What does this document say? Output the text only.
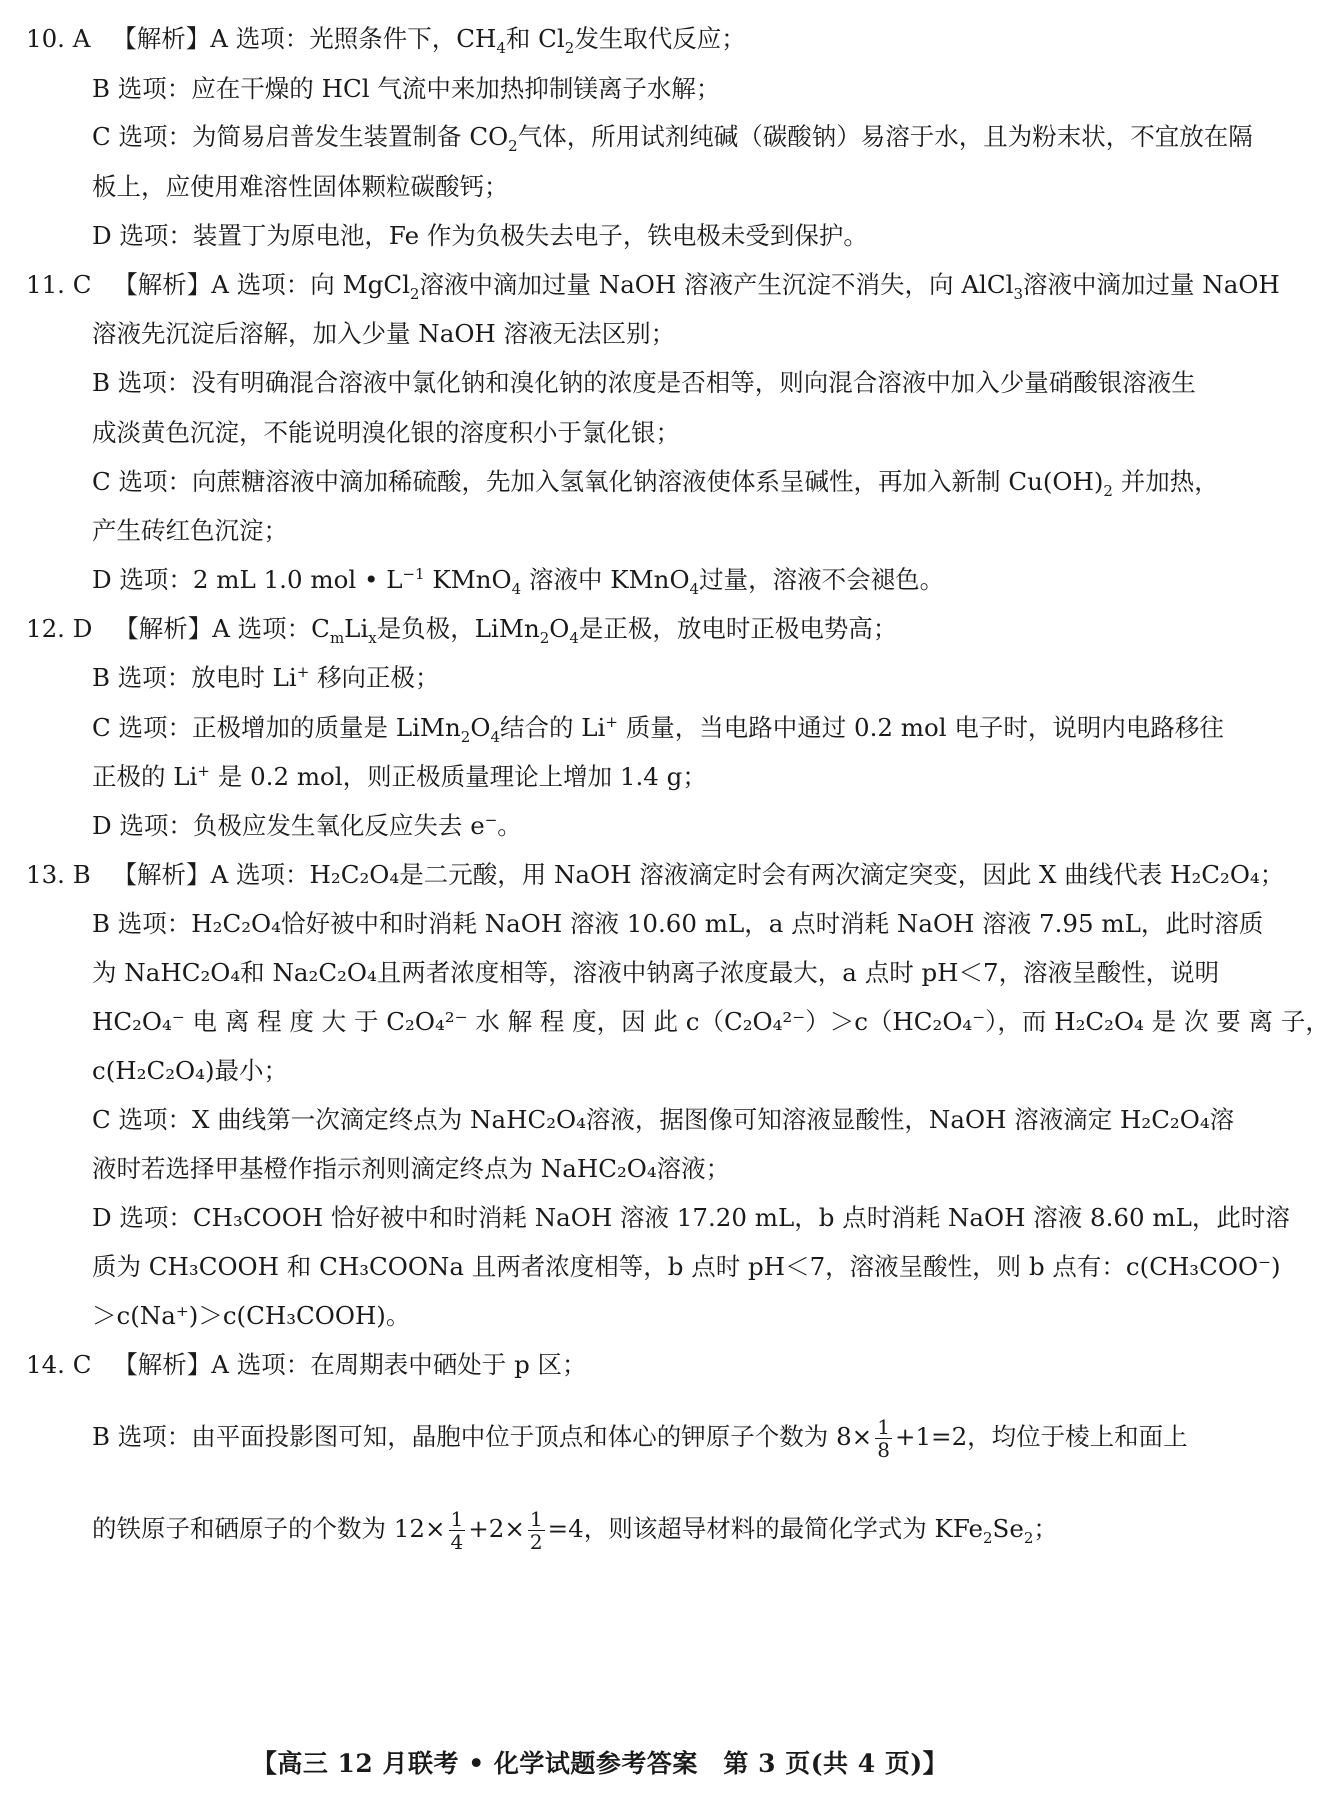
10. A 【解析】A 选项：光照条件下，$CH_4$和 $Cl_2$发生取代反应；
B 选项：应在干燥的 HCl 气流中来加热抑制镁离子水解；
C 选项：为简易启普发生装置制备 $CO_2$气体，所用试剂纯碱（碳酸钠）易溶于水，且为粉末状，不宜放在隔
板上，应使用难溶性固体颗粒碳酸钙；
D 选项：装置丁为原电池，Fe 作为负极失去电子，铁电极未受到保护。
11. C 【解析】A 选项：向 MgCl$_2$溶液中滴加过量 NaOH 溶液产生沉淀不消失，向 AlCl$_3$溶液中滴加过量 NaOH
溶液先沉淀后溶解，加入少量 NaOH 溶液无法区别；
B 选项：没有明确混合溶液中氯化钠和溴化钠的浓度是否相等，则向混合溶液中加入少量硝酸银溶液生
成淡黄色沉淀，不能说明溴化银的溶度积小于氯化银；
C 选项：向蔗糖溶液中滴加稀硫酸，先加入氢氧化钠溶液使体系呈碱性，再加入新制 $Cu(OH)_2$ 并加热，
产生砖红色沉淀；
D 选项：2 mL 1.0 mol • $L^{-1}$ KMnO$_4$ 溶液中 KMnO$_4$过量，溶液不会褪色。
12. D 【解析】A 选项：$C_mLi_x$是负极，$LiMn_2O_4$是正极，放电时正极电势高；
B 选项：放电时 Li+ 移向正极；
C 选项：正极增加的质量是 $LiMn_2O_4$结合的 Li+ 质量，当电路中通过 0.2 mol 电子时，说明内电路移往
正极的 Li+ 是 0.2 mol，则正极质量理论上增加 1.4 g；
D 选项：负极应发生氧化反应失去 e−。
13. B 【解析】A 选项：H₂C₂O₄是二元酸，用 NaOH 溶液滴定时会有两次滴定突变，因此 X 曲线代表 H₂C₂O₄；
B 选项：H₂C₂O₄恰好被中和时消耗 NaOH 溶液 10.60 mL，a 点时消耗 NaOH 溶液 7.95 mL，此时溶质
为 NaHC₂O₄和 Na₂C₂O₄且两者浓度相等，溶液中钠离子浓度最大，a 点时 pH＜7，溶液呈酸性，说明
HC₂O₄⁻ 电 离 程 度 大 于 C₂O₄²⁻ 水 解 程 度，因 此 c（C₂O₄²⁻）＞c（HC₂O₄⁻），而 H₂C₂O₄ 是 次 要 离 子，
c(H₂C₂O₄)最小；
C 选项：X 曲线第一次滴定终点为 NaHC₂O₄溶液，据图像可知溶液显酸性，NaOH 溶液滴定 H₂C₂O₄溶
液时若选择甲基橙作指示剂则滴定终点为 NaHC₂O₄溶液；
D 选项：CH₃COOH 恰好被中和时消耗 NaOH 溶液 17.20 mL，b 点时消耗 NaOH 溶液 8.60 mL，此时溶
质为 CH₃COOH 和 CH₃COONa 且两者浓度相等，b 点时 pH＜7，溶液呈酸性，则 b 点有：c(CH₃COO⁻)
＞c(Na⁺)＞c(CH₃COOH)。
14. C 【解析】A 选项：在周期表中硒处于 p 区；
B 选项：由平面投影图可知，晶胞中位于顶点和体心的钾原子个数为 $8\times \frac{1}{8} +1=2$，均位于棱上和面上
的铁原子和硒原子的个数为 $12\times \frac{1}{4} +2\times \frac{1}{2} =4$，则该超导材料的最简化学式为 $KFe_2Se_2$；
【高三 12 月联考 • 化学试题参考答案　第 3 页(共 4 页)】
